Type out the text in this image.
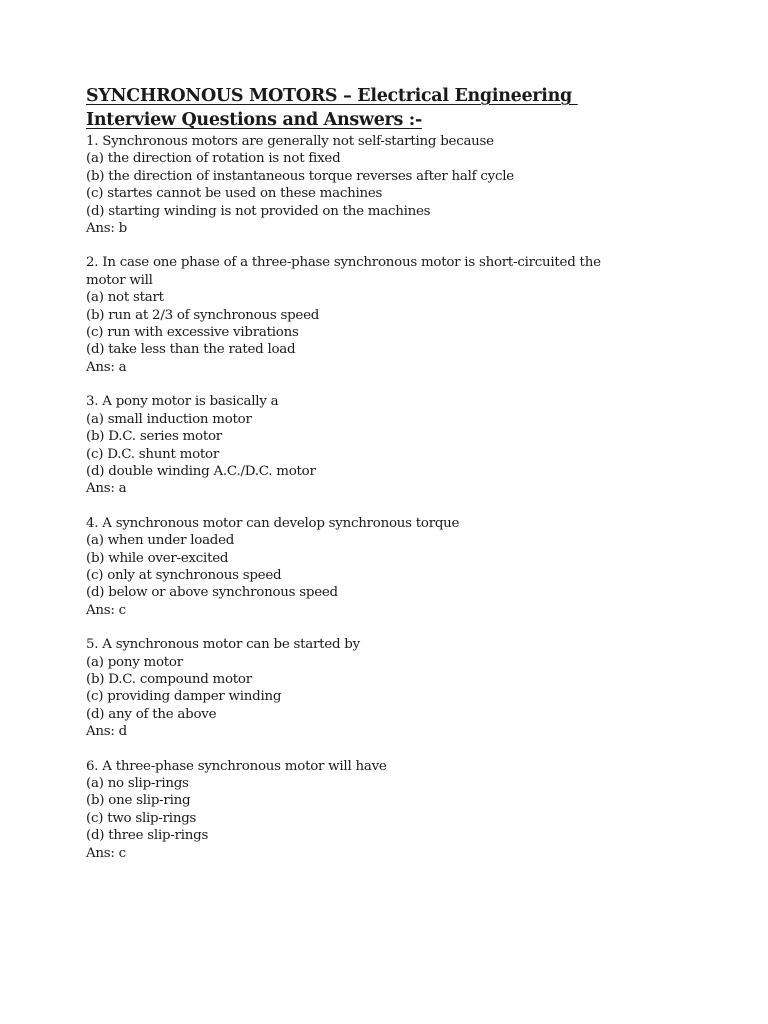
SYNCHRONOUS MOTORS – Electrical Engineering
Interview Questions and Answers :-
1. Synchronous motors are generally not self-starting because
(a) the direction of rotation is not fixed
(b) the direction of instantaneous torque reverses after half cycle
(c) startes cannot be used on these machines
(d) starting winding is not provided on the machines
Ans: b
2. In case one phase of a three-phase synchronous motor is short-circuited the motor will
(a) not start
(b) run at 2/3 of synchronous speed
(c) run with excessive vibrations
(d) take less than the rated load
Ans: a
3. A pony motor is basically a
(a) small induction motor
(b) D.C. series motor
(c) D.C. shunt motor
(d) double winding A.C./D.C. motor
Ans: a
4. A synchronous motor can develop synchronous torque
(a) when under loaded
(b) while over-excited
(c) only at synchronous speed
(d) below or above synchronous speed
Ans: c
5. A synchronous motor can be started by
(a) pony motor
(b) D.C. compound motor
(c) providing damper winding
(d) any of the above
Ans: d
6. A three-phase synchronous motor will have
(a) no slip-rings
(b) one slip-ring
(c) two slip-rings
(d) three slip-rings
Ans: c
